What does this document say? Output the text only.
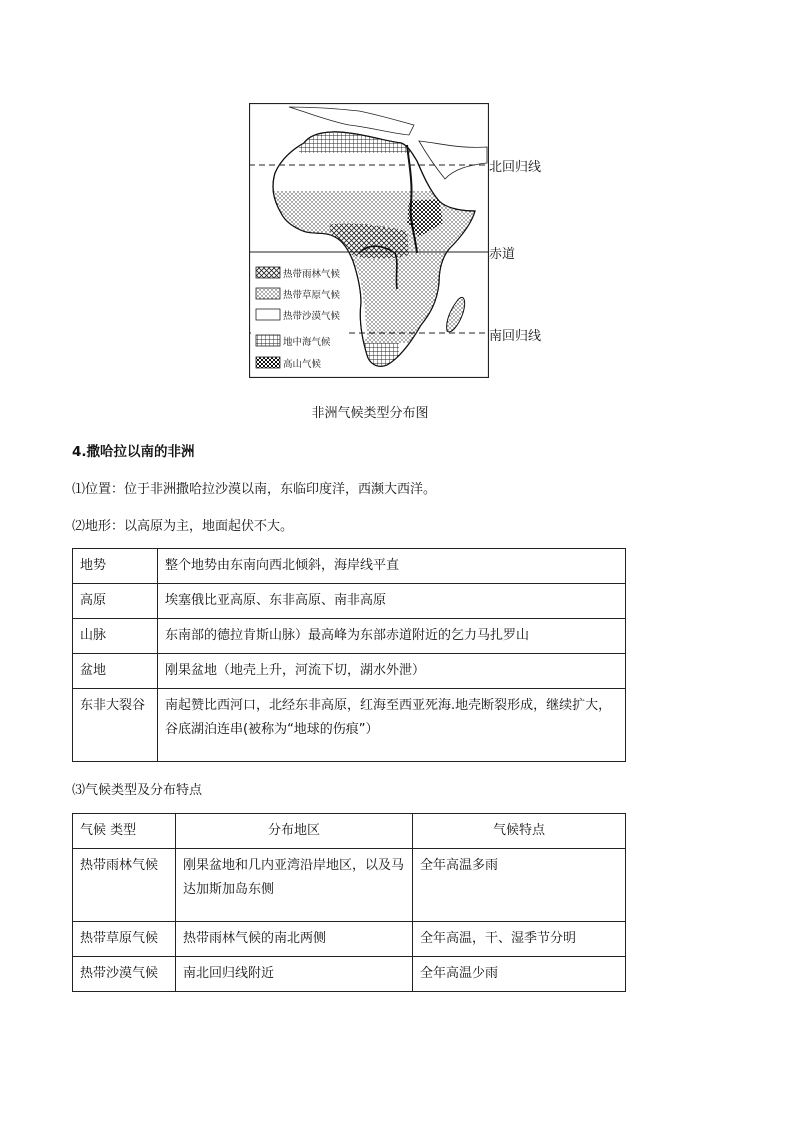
热带雨林气候
热带草原气候
热带沙漠气候
地中海气候
高山气候
北回归线
赤道
南回归线
非洲气候类型分布图
4.撒哈拉以南的非洲
⑴位置：位于非洲撒哈拉沙漠以南，东临印度洋，西濒大西洋。
⑵地形：以高原为主，地面起伏不大。
地势	整个地势由东南向西北倾斜，海岸线平直
高原	埃塞俄比亚高原、东非高原、南非高原
山脉	东南部的德拉肯斯山脉）最高峰为东部赤道附近的乞力马扎罗山
盆地	刚果盆地（地壳上升，河流下切，湖水外泄）
东非大裂谷	南起赞比西河口，北经东非高原，红海至西亚死海.地壳断裂形成，继续扩大，谷底湖泊连串(被称为“地球的伤痕”）
⑶气候类型及分布特点
气候 类型	分布地区	气候特点
热带雨林气候	刚果盆地和几内亚湾沿岸地区，以及马达加斯加岛东侧	全年高温多雨
热带草原气候	热带雨林气候的南北两侧	全年高温，干、湿季节分明
热带沙漠气候	南北回归线附近	全年高温少雨
